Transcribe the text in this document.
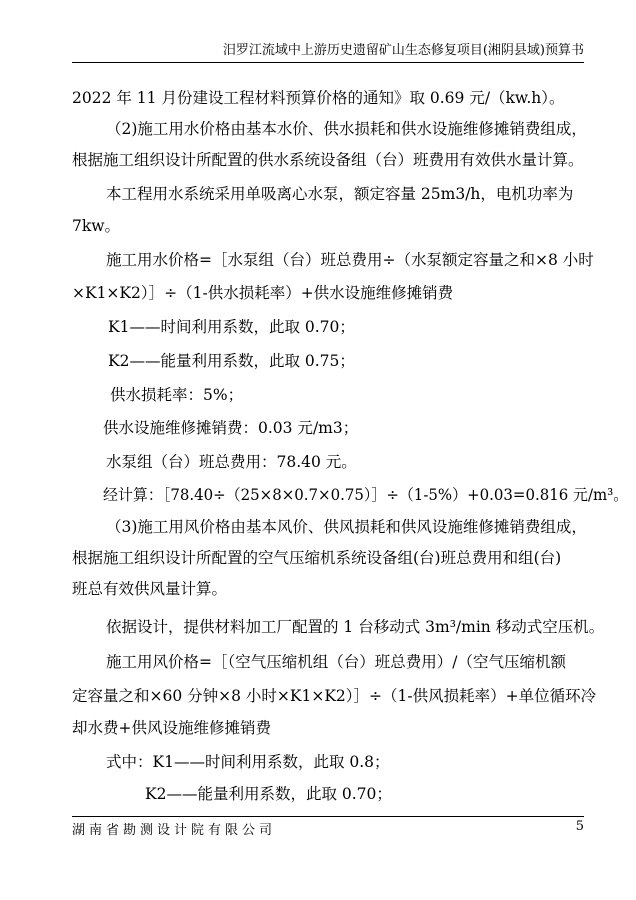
汨罗江流域中上游历史遗留矿山生态修复项目(湘阴县域)预算书
2022 年 11 月份建设工程材料预算价格的通知》取 0.69 元/（kw.h）。
（2)施工用水价格由基本水价、供水损耗和供水设施维修摊销费组成，
根据施工组织设计所配置的供水系统设备组（台）班费用有效供水量计算。
本工程用水系统采用单吸离心水泵，额定容量 25m3/h，电机功率为
7kw。
施工用水价格=［水泵组（台）班总费用÷（水泵额定容量之和×8 小时
×K1×K2）］÷（1-供水损耗率）+供水设施维修摊销费
K1——时间利用系数，此取 0.70；
K2——能量利用系数，此取 0.75；
供水损耗率：5%；
供水设施维修摊销费：0.03 元/m3；
水泵组（台）班总费用：78.40 元。
经计算：［78.40÷（25×8×0.7×0.75）］÷（1-5%）+0.03=0.816 元/m³。
（3)施工用风价格由基本风价、供风损耗和供风设施维修摊销费组成，
根据施工组织设计所配置的空气压缩机系统设备组(台)班总费用和组(台)
班总有效供风量计算。
依据设计，提供材料加工厂配置的 1 台移动式 3m³/min 移动式空压机。
施工用风价格=［（空气压缩机组（台）班总费用）/（空气压缩机额
定容量之和×60 分钟×8 小时×K1×K2）］÷（1-供风损耗率）+单位循环冷
却水费+供风设施维修摊销费
式中：K1——时间利用系数，此取 0.8；
K2——能量利用系数，此取 0.70；
湖南省勘测设计院有限公司	5
